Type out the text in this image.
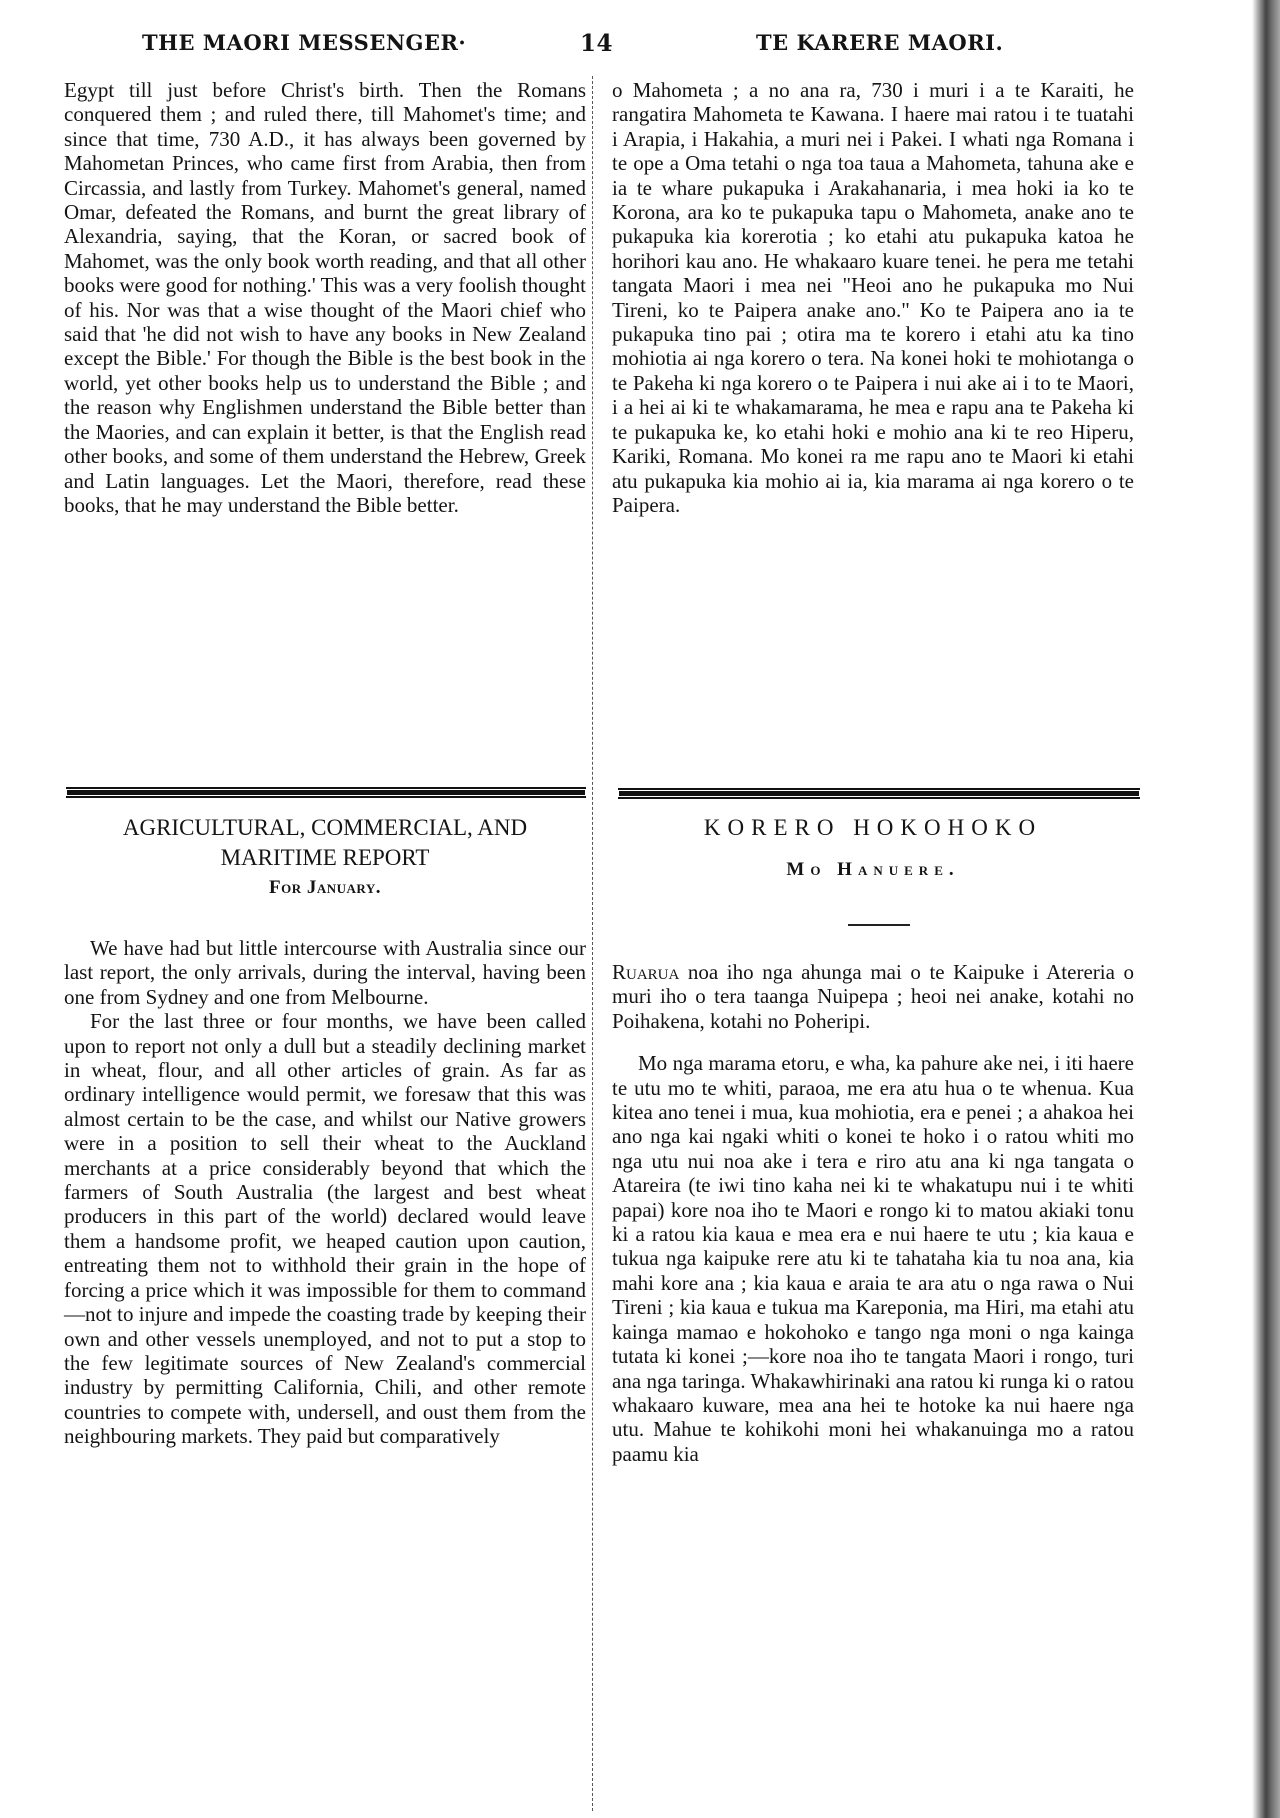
THE MAORI MESSENGER·	14	TE KARERE MAORI.

Egypt till just before Christ's birth. Then the Romans conquered them ; and ruled there, till Mahomet's time; and since that time, 730 A.D., it has always been governed by Mahometan Princes, who came first from Arabia, then from Circassia, and lastly from Turkey. Mahomet's general, named Omar, defeated the Romans, and burnt the great library of Alexandria, saying, that the Koran, or sacred book of Mahomet, was the only book worth reading, and that all other books were good for nothing.' This was a very foolish thought of his. Nor was that a wise thought of the Maori chief who said that 'he did not wish to have any books in New Zealand except the Bible.' For though the Bible is the best book in the world, yet other books help us to understand the Bible ; and the reason why Englishmen understand the Bible better than the Maories, and can explain it better, is that the English read other books, and some of them understand the Hebrew, Greek and Latin languages. Let the Maori, therefore, read these books, that he may understand the Bible better.

o Mahometa ; a no ana ra, 730 i muri i a te Karaiti, he rangatira Mahometa te Kawana. I haere mai ratou i te tuatahi i Arapia, i Hakahia, a muri nei i Pakei. I whati nga Romana i te ope a Oma tetahi o nga toa taua a Mahometa, tahuna ake e ia te whare pukapuka i Arakahanaria, i mea hoki ia ko te Korona, ara ko te pukapuka tapu o Mahometa, anake ano te pukapuka kia korerotia ; ko etahi atu pukapuka katoa he horihori kau ano. He whakaaro kuare tenei. he pera me tetahi tangata Maori i mea nei "Heoi ano he pukapuka mo Nui Tireni, ko te Paipera anake ano." Ko te Paipera ano ia te pukapuka tino pai ; otira ma te korero i etahi atu ka tino mohiotia ai nga korero o tera. Na konei hoki te mohiotanga o te Pakeha ki nga korero o te Paipera i nui ake ai i to te Maori, i a hei ai ki te whakamarama, he mea e rapu ana te Pakeha ki te pukapuka ke, ko etahi hoki e mohio ana ki te reo Hiperu, Kariki, Romana. Mo konei ra me rapu ano te Maori ki etahi atu pukapuka kia mohio ai ia, kia marama ai nga korero o te Paipera.

AGRICULTURAL, COMMERCIAL, AND
MARITIME REPORT
For January.
KORERO HOKOHOKO
Mo Hanuere.

We have had but little intercourse with Australia since our last report, the only arrivals, during the interval, having been one from Sydney and one from Melbourne.

For the last three or four months, we have been called upon to report not only a dull but a steadily declining market in wheat, flour, and all other articles of grain. As far as ordinary intelligence would permit, we foresaw that this was almost certain to be the case, and whilst our Native growers were in a position to sell their wheat to the Auckland merchants at a price considerably beyond that which the farmers of South Australia (the largest and best wheat producers in this part of the world) declared would leave them a handsome profit, we heaped caution upon caution, entreating them not to withhold their grain in the hope of forcing a price which it was impossible for them to command —not to injure and impede the coasting trade by keeping their own and other vessels unemployed, and not to put a stop to the few legitimate sources of New Zealand's commercial industry by permitting California, Chili, and other remote countries to compete with, undersell, and oust them from the neighbouring markets. They paid but comparatively

Ruarua noa iho nga ahunga mai o te Kaipuke i Atereria o muri iho o tera taanga Nuipepa ; heoi nei anake, kotahi no Poihakena, kotahi no Poheripi.

Mo nga marama etoru, e wha, ka pahure ake nei, i iti haere te utu mo te whiti, paraoa, me era atu hua o te whenua. Kua kitea ano tenei i mua, kua mohiotia, era e penei ; a ahakoa hei ano nga kai ngaki whiti o konei te hoko i o ratou whiti mo nga utu nui noa ake i tera e riro atu ana ki nga tangata o Atareira (te iwi tino kaha nei ki te whakatupu nui i te whiti papai) kore noa iho te Maori e rongo ki to matou akiaki tonu ki a ratou kia kaua e mea era e nui haere te utu ; kia kaua e tukua nga kaipuke rere atu ki te tahataha kia tu noa ana, kia mahi kore ana ; kia kaua e araia te ara atu o nga rawa o Nui Tireni ; kia kaua e tukua ma Kareponia, ma Hiri, ma etahi atu kainga mamao e hokohoko e tango nga moni o nga kainga tutata ki konei ;—kore noa iho te tangata Maori i rongo, turi ana nga taringa. Whakawhirinaki ana ratou ki runga ki o ratou whakaaro kuware, mea ana hei te hotoke ka nui haere nga utu. Mahue te kohikohi moni hei whakanuinga mo a ratou paamu kia
